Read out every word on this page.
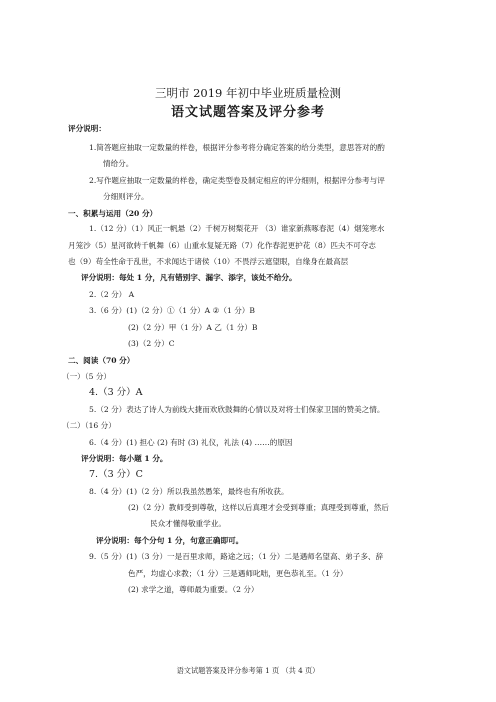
三明市 2019 年初中毕业班质量检测
语文试题答案及评分参考
评分说明：
1.简答题应抽取一定数量的样卷，根据评分参考将分确定答案的给分类型，意思答对的酌
情给分。
2.写作题应抽取一定数量的样卷，确定类型卷及制定相应的评分细则，根据评分参考与评
分细则评分。
一、积累与运用（20 分）
1.（12 分）（1）风正一帆悬（2）千树万树梨花开 （3）谁家新燕啄春泥（4）烟笼寒水
月笼沙（5）星河欲转千帆舞（6）山重水复疑无路（7）化作春泥更护花（8）匹夫不可夺志
也（9）苟全性命于乱世，不求闻达于诸侯（10）不畏浮云遮望眼，自缘身在最高层
评分说明：每处 1 分，凡有错别字、漏字、添字，该处不给分。
2.（2 分） A
3.（6 分）(1)（2 分）①（1 分）A ②（1 分）B
(2)（2 分）甲（1 分）A 乙（1 分）B
(3)（2 分）C
二、阅读（70 分）
（一）（5 分）
4.（3 分）A
5.（2 分）表达了诗人为前线大捷而欢欣鼓舞的心情以及对将士们保家卫国的赞美之情。
（二）（16 分）
6.（4 分）(1) 担心 (2) 有时 (3) 礼仪，礼法 (4) ……的原因
评分说明：每小题 1 分。
7.（3 分）C
8.（4 分）(1)（2 分）所以我虽然愚笨，最终也有所收获。
(2)（2 分）教师受到尊敬，这样以后真理才会受到尊重；真理受到尊重，然后
民众才懂得敬重学业。
评分说明：每个分句 1 分，句意正确即可。
9.（5 分）(1)（3 分）一是百里求师，路途之远；（1 分）二是遇师名望高、弟子多、辞
色严，均虚心求教；（1 分）三是遇师叱咄，更色恭礼至。（1 分）
(2) 求学之道，尊师最为重要。（2 分）
语文试题答案及评分参考第 1 页 （共 4 页）
